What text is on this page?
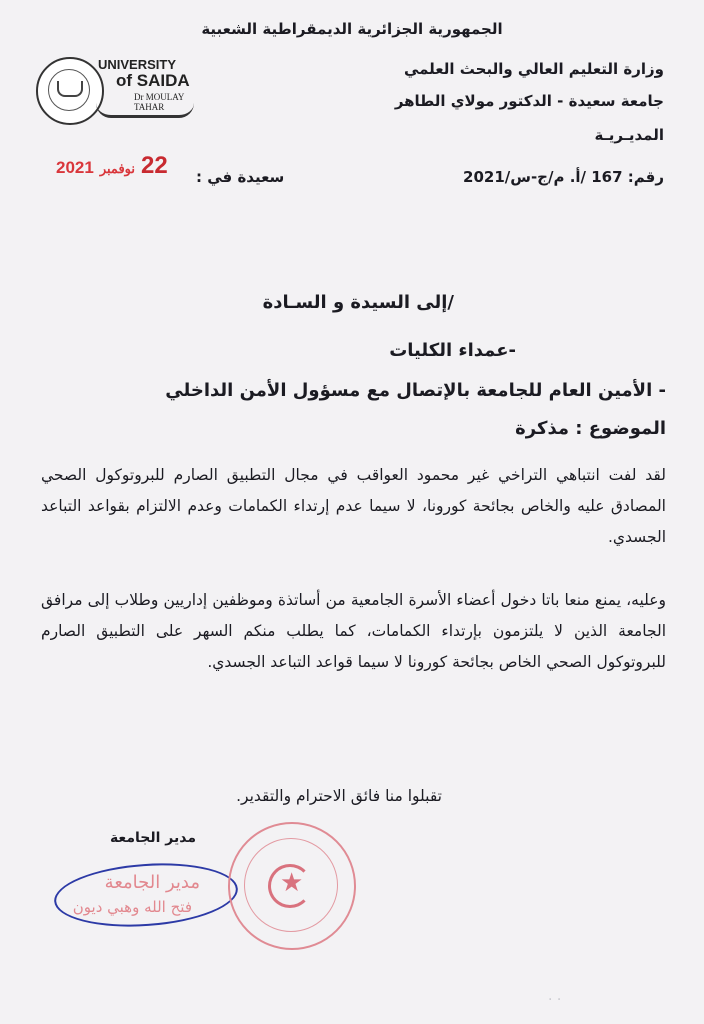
الجمهورية الجزائرية الديمقراطية الشعبية
UNIVERSITY
of SAIDA
Dr MOULAY TAHAR
وزارة التعليم العالي والبحث العلمي
جامعة سعيدة - الدكتور مولاي الطاهر
المديـريـة
رقم: 167 /أ. م/ج-س/2021
سعيدة في :
2021 نوفمبر 22
/إلى السيدة و السـادة
-عمداء الكليات
- الأمين العام للجامعة بالإتصال مع مسؤول الأمن الداخلي
الموضوع : مذكرة
لقد لفت انتباهي التراخي غير محمود العواقب في مجال التطبيق الصارم للبروتوكول الصحي المصادق عليه والخاص بجائحة كورونا، لا سيما عدم إرتداء الكمامات وعدم الالتزام بقواعد التباعد الجسدي.
وعليه، يمنع منعا باتا دخول أعضاء الأسرة الجامعية من أساتذة وموظفين إداريين وطلاب إلى مرافق الجامعة الذين لا يلتزمون بإرتداء الكمامات، كما يطلب منكم السهر على التطبيق الصارم للبروتوكول الصحي الخاص بجائحة كورونا لا سيما قواعد التباعد الجسدي.
تقبلوا منا فائق الاحترام والتقدير.
مدير الجامعة
مدير الجامعة
فتح الله وهبي ديون
★
· ·
